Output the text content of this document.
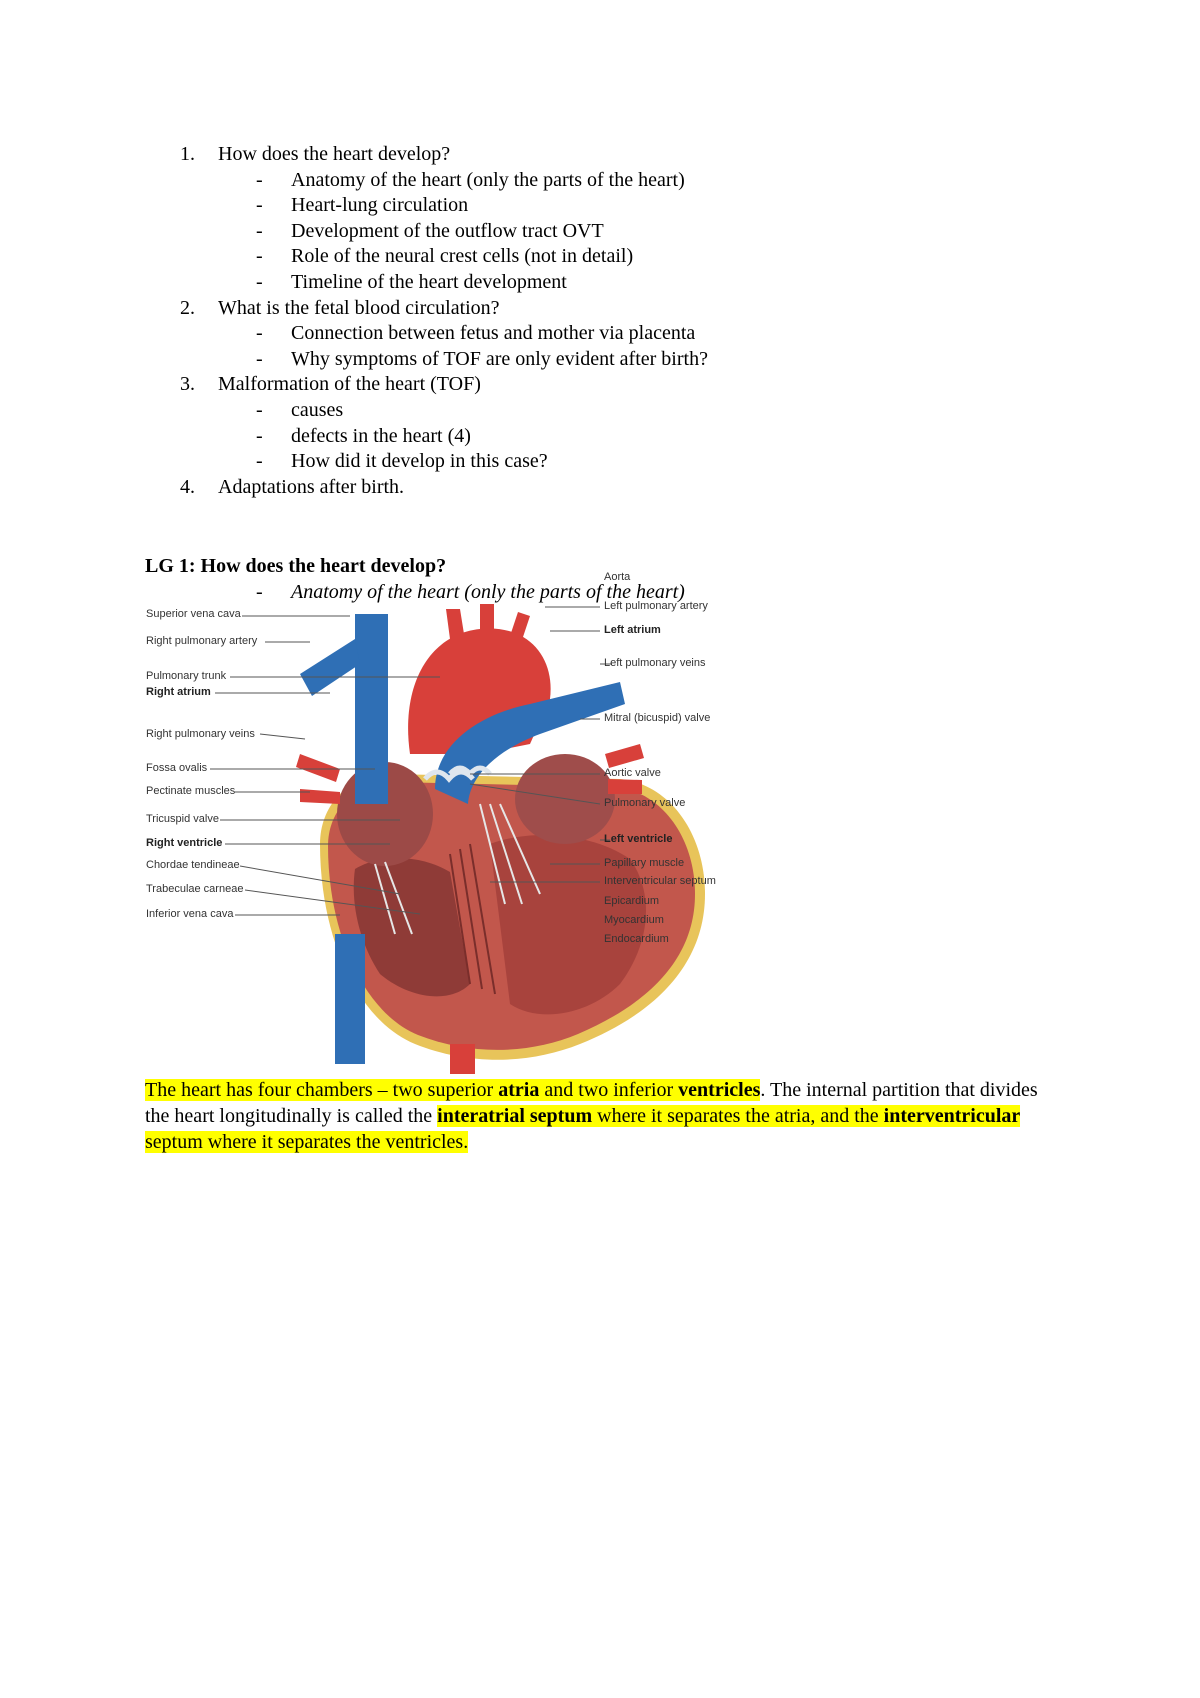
1. How does the heart develop?
- Anatomy of the heart (only the parts of the heart)
- Heart-lung circulation
- Development of the outflow tract OVT
- Role of the neural crest cells (not in detail)
- Timeline of the heart development
2. What is the fetal blood circulation?
- Connection between fetus and mother via placenta
- Why symptoms of TOF are only evident after birth?
3. Malformation of the heart (TOF)
- causes
- defects in the heart (4)
- How did it develop in this case?
4. Adaptations after birth.
LG 1: How does the heart develop?
- Anatomy of the heart (only the parts of the heart)
Superior vena cava
Right pulmonary artery
Pulmonary trunk
Right atrium
Right pulmonary veins
Fossa ovalis
Pectinate muscles
Tricuspid valve
Right ventricle
Chordae tendineae
Trabeculae carneae
Inferior vena cava
Aorta
Left pulmonary artery
Left atrium
Left pulmonary veins
Mitral (bicuspid) valve
Aortic valve
Pulmonary valve
Left ventricle
Papillary muscle
Interventricular septum
Epicardium
Myocardium
Endocardium
The heart has four chambers – two superior atria and two inferior ventricles. The internal partition that divides the heart longitudinally is called the interatrial septum where it separates the atria, and the interventricular septum where it separates the ventricles.
